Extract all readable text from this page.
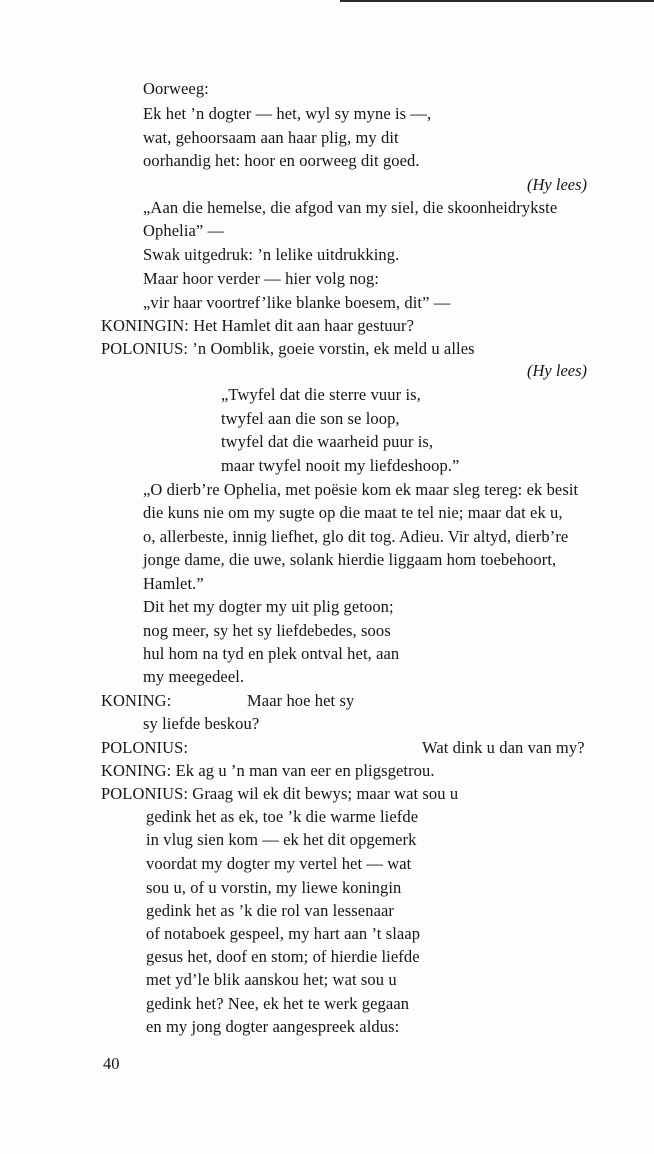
Oorweeg:
Ek het ’n dogter — het, wyl sy myne is —,
wat, gehoorsaam aan haar plig, my dit
oorhandig het: hoor en oorweeg dit goed.
(Hy lees)
„Aan die hemelse, die afgod van my siel, die skoonheidrykste
Ophelia” —
Swak uitgedruk: ’n lelike uitdrukking.
Maar hoor verder — hier volg nog:
„vir haar voortref’like blanke boesem, dit” —
KONINGIN: Het Hamlet dit aan haar gestuur?
POLONIUS: ’n Oomblik, goeie vorstin, ek meld u alles
(Hy lees)
„Twyfel dat die sterre vuur is,
twyfel aan die son se loop,
twyfel dat die waarheid puur is,
maar twyfel nooit my liefdeshoop.”
„O dierb’re Ophelia, met poësie kom ek maar sleg tereg: ek besit
die kuns nie om my sugte op die maat te tel nie; maar dat ek u,
o, allerbeste, innig liefhet, glo dit tog. Adieu. Vir altyd, dierb’re
jonge dame, die uwe, solank hierdie liggaam hom toebehoort,
Hamlet.”
Dit het my dogter my uit plig getoon;
nog meer, sy het sy liefdebedes, soos
hul hom na tyd en plek ontval het, aan
my meegedeel.
KONING:	Maar hoe het sy
sy liefde beskou?
POLONIUS:	Wat dink u dan van my?
KONING: Ek ag u ’n man van eer en pligsgetrou.
POLONIUS: Graag wil ek dit bewys; maar wat sou u
gedink het as ek, toe ’k die warme liefde
in vlug sien kom — ek het dit opgemerk
voordat my dogter my vertel het — wat
sou u, of u vorstin, my liewe koningin
gedink het as ’k die rol van lessenaar
of notaboek gespeel, my hart aan ’t slaap
gesus het, doof en stom; of hierdie liefde
met yd’le blik aanskou het; wat sou u
gedink het? Nee, ek het te werk gegaan
en my jong dogter aangespreek aldus:
40
